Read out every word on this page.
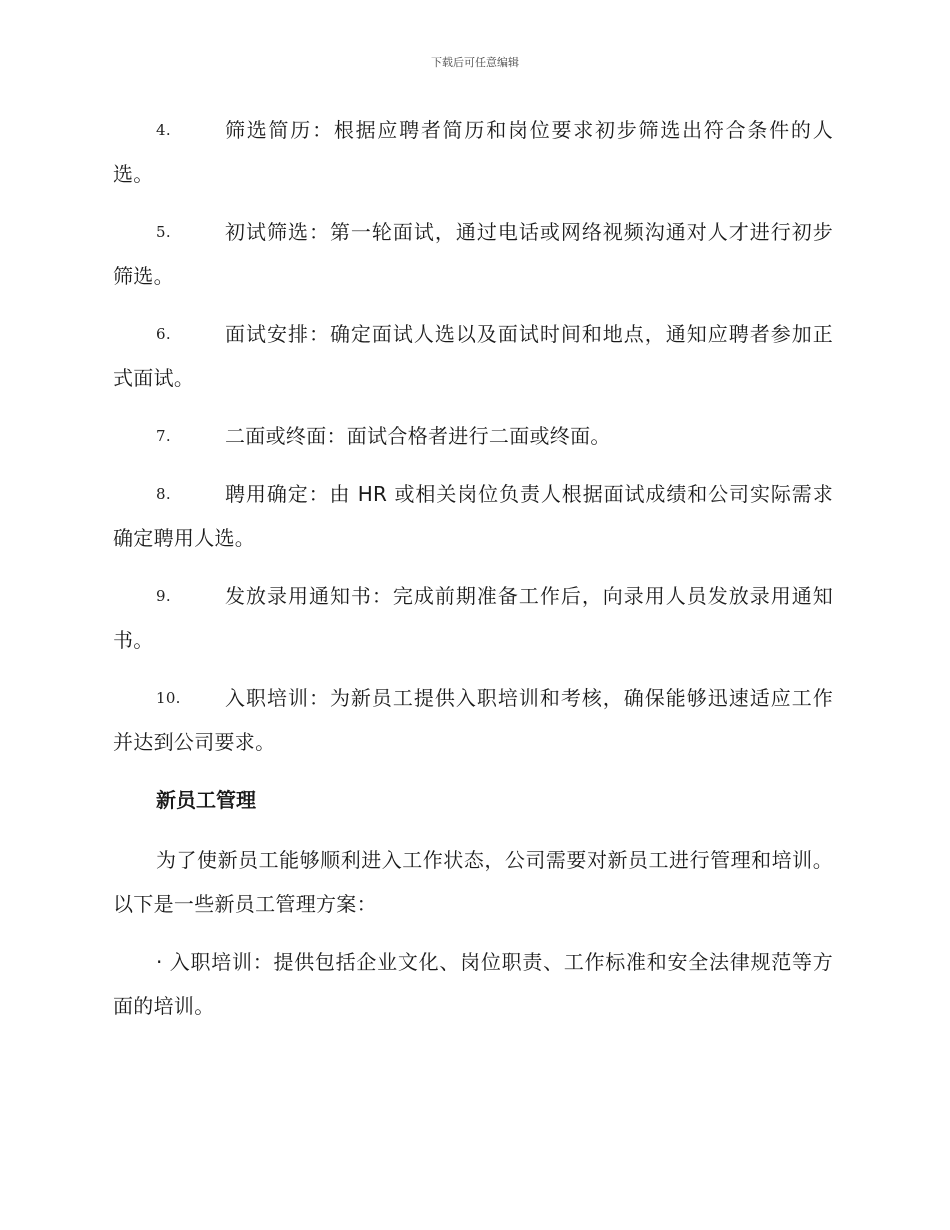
下载后可任意编辑

4.	筛选简历：根据应聘者简历和岗位要求初步筛选出符合条件的人选。

5.	初试筛选：第一轮面试，通过电话或网络视频沟通对人才进行初步筛选。

6.	面试安排：确定面试人选以及面试时间和地点，通知应聘者参加正式面试。

7.	二面或终面：面试合格者进行二面或终面。

8.	聘用确定：由 HR 或相关岗位负责人根据面试成绩和公司实际需求确定聘用人选。

9.	发放录用通知书：完成前期准备工作后，向录用人员发放录用通知书。

10. 入职培训：为新员工提供入职培训和考核，确保能够迅速适应工作并达到公司要求。

新员工管理

为了使新员工能够顺利进入工作状态，公司需要对新员工进行管理和培训。以下是一些新员工管理方案：

· 入职培训：提供包括企业文化、岗位职责、工作标准和安全法律规范等方面的培训。
